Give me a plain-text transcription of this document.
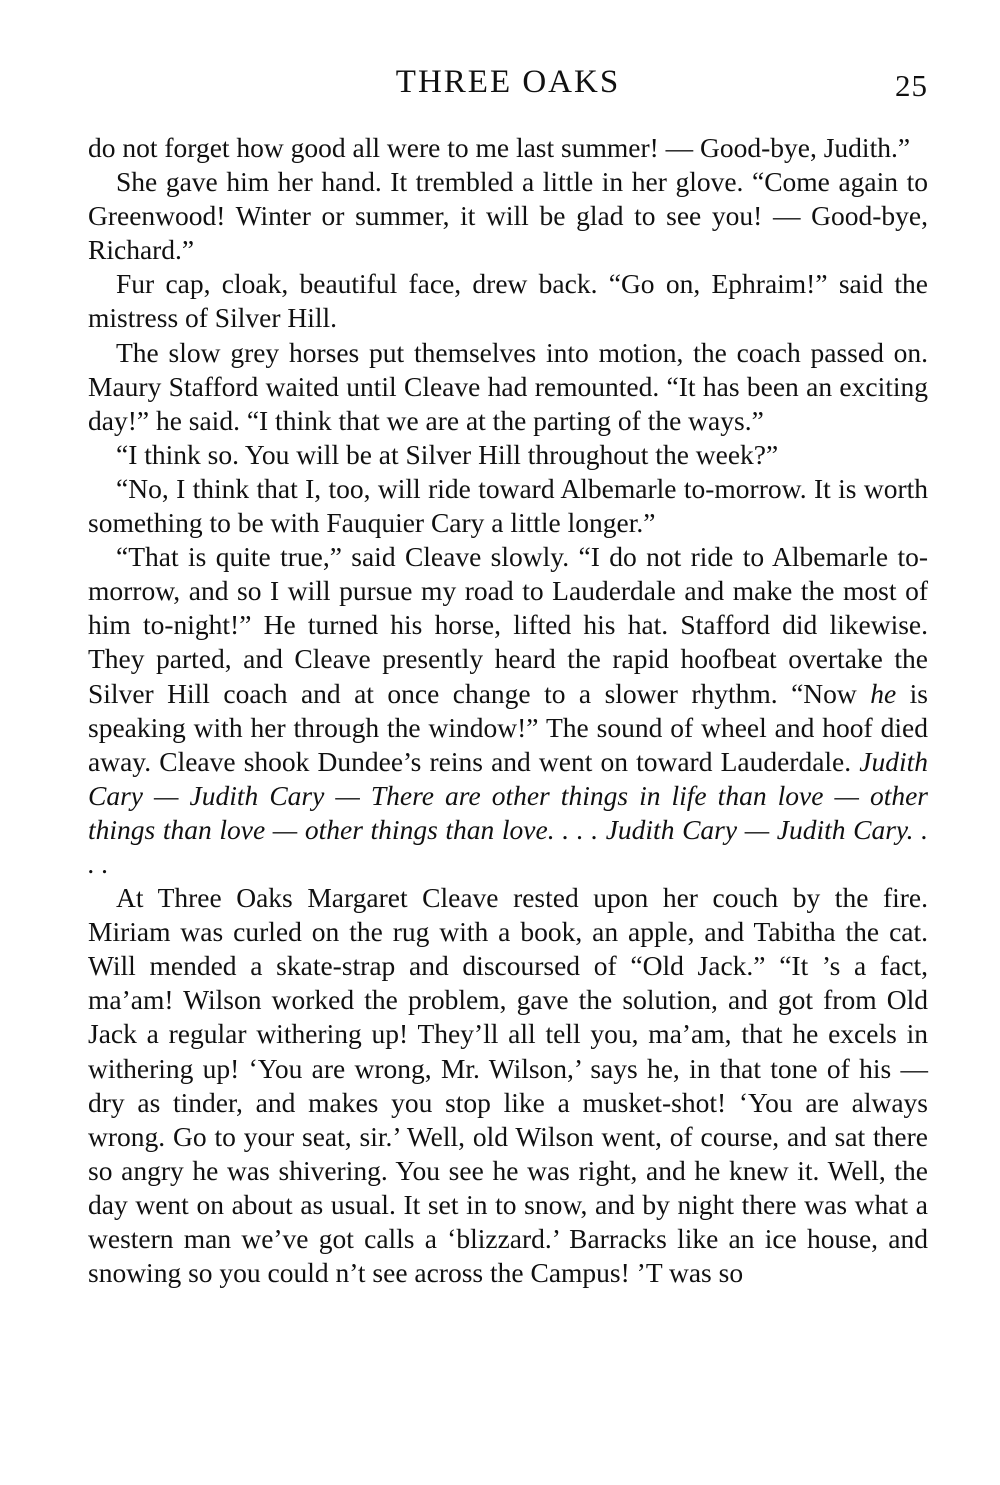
THREE OAKS	25

do not forget how good all were to me last summer! — Good-bye, Judith.”

She gave him her hand. It trembled a little in her glove. “Come again to Greenwood! Winter or summer, it will be glad to see you! — Good-bye, Richard.”

Fur cap, cloak, beautiful face, drew back. “Go on, Ephraim!” said the mistress of Silver Hill.

The slow grey horses put themselves into motion, the coach passed on. Maury Stafford waited until Cleave had remounted. “It has been an exciting day!” he said. “I think that we are at the parting of the ways.”

“I think so. You will be at Silver Hill throughout the week?”

“No, I think that I, too, will ride toward Albemarle to-morrow. It is worth something to be with Fauquier Cary a little longer.”

“That is quite true,” said Cleave slowly. “I do not ride to Albemarle to-morrow, and so I will pursue my road to Lauderdale and make the most of him to-night!” He turned his horse, lifted his hat. Stafford did likewise. They parted, and Cleave presently heard the rapid hoofbeat overtake the Silver Hill coach and at once change to a slower rhythm. “Now he is speaking with her through the window!” The sound of wheel and hoof died away. Cleave shook Dundee’s reins and went on toward Lauderdale. Judith Cary — Judith Cary — There are other things in life than love — other things than love — other things than love. . . . Judith Cary — Judith Cary. . . .

At Three Oaks Margaret Cleave rested upon her couch by the fire. Miriam was curled on the rug with a book, an apple, and Tabitha the cat. Will mended a skate-strap and discoursed of “Old Jack.” “It ’s a fact, ma’am! Wilson worked the problem, gave the solution, and got from Old Jack a regular withering up! They’ll all tell you, ma’am, that he excels in withering up! ‘You are wrong, Mr. Wilson,’ says he, in that tone of his — dry as tinder, and makes you stop like a musket-shot! ‘You are always wrong. Go to your seat, sir.’ Well, old Wilson went, of course, and sat there so angry he was shivering. You see he was right, and he knew it. Well, the day went on about as usual. It set in to snow, and by night there was what a western man we’ve got calls a ‘blizzard.’ Barracks like an ice house, and snowing so you could n’t see across the Campus! ’T was so
